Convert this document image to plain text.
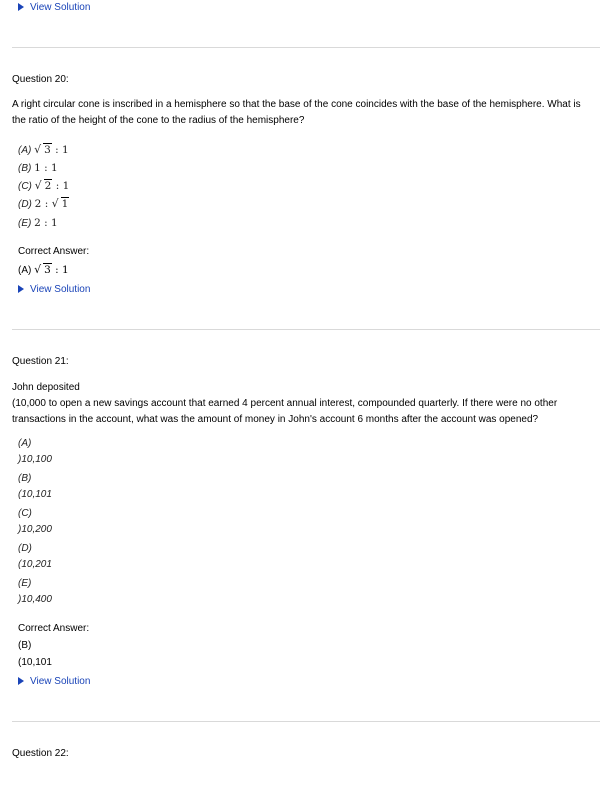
View Solution
Question 20:
A right circular cone is inscribed in a hemisphere so that the base of the cone coincides with the base of the hemisphere. What is the ratio of the height of the cone to the radius of the hemisphere?
(A) √ 3 : 1
(B) 1 : 1
(C) √ 2 : 1
(D) 2 : √ 1
(E) 2 : 1
Correct Answer:
(A) √ 3 : 1
View Solution
Question 21:
John deposited
(10,000 to open a new savings account that earned 4 percent annual interest, compounded quarterly. If there were no other
transactions in the account, what was the amount of money in John's account 6 months after the account was opened?
(A)
)10,100
(B)
(10,101
(C)
)10,200
(D)
(10,201
(E)
)10,400
Correct Answer:
(B)
(10,101
View Solution
Question 22:
